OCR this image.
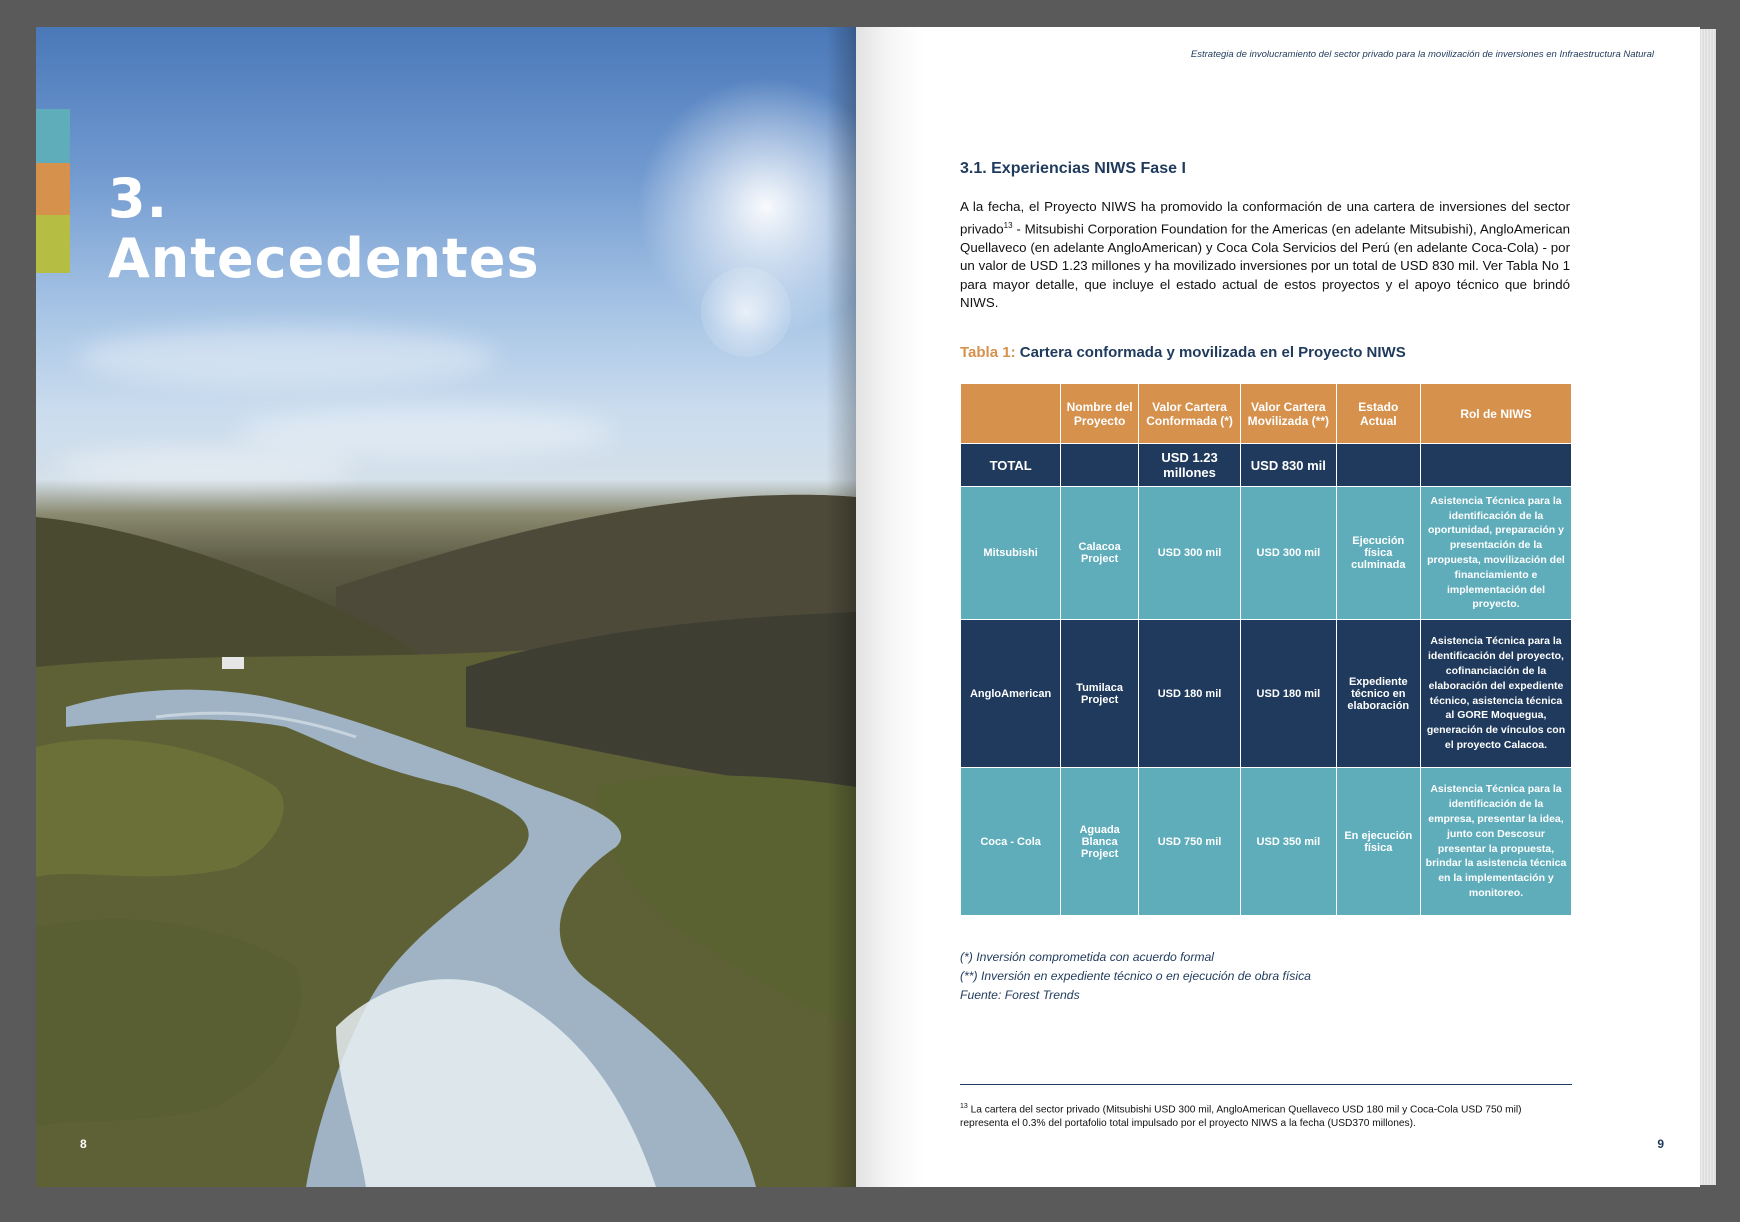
3.
Antecedentes
8
Estrategia de involucramiento del sector privado para la movilización de inversiones en Infraestructura Natural
3.1. Experiencias NIWS Fase I
A la fecha, el Proyecto NIWS ha promovido la conformación de una cartera de inversiones del sector privado$^{13}$ - Mitsubishi Corporation Foundation for the Americas (en adelante Mitsubishi), AngloAmerican Quellaveco (en adelante AngloAmerican) y Coca Cola Servicios del Perú (en adelante Coca-Cola) - por un valor de USD 1.23 millones y ha movilizado inversiones por un total de USD 830 mil. Ver Tabla No 1 para mayor detalle, que incluye el estado actual de estos proyectos y el apoyo técnico que brindó NIWS.
Tabla 1: Cartera conformada y movilizada en el Proyecto NIWS
	Nombre del Proyecto	Valor Cartera Conformada (*)	Valor Cartera Movilizada (**)	Estado Actual	Rol de NIWS
TOTAL		USD 1.23 millones	USD 830 mil		
Mitsubishi	Calacoa Project	USD 300 mil	USD 300 mil	Ejecución física culminada	Asistencia Técnica para la identificación de la oportunidad, preparación y presentación de la propuesta, movilización del financiamiento e implementación del proyecto.
AngloAmerican	Tumilaca Project	USD 180 mil	USD 180 mil	Expediente técnico en elaboración	Asistencia Técnica para la identificación del proyecto, cofinanciación de la elaboración del expediente técnico, asistencia técnica al GORE Moquegua, generación de vínculos con el proyecto Calacoa.
Coca - Cola	Aguada Blanca Project	USD 750 mil	USD 350 mil	En ejecución física	Asistencia Técnica para la identificación de la empresa, presentar la idea, junto con Descosur presentar la propuesta, brindar la asistencia técnica en la implementación y monitoreo.
(*) Inversión comprometida con acuerdo formal
(**) Inversión en expediente técnico o en ejecución de obra física
Fuente: Forest Trends
$^{13}$ La cartera del sector privado (Mitsubishi USD 300 mil, AngloAmerican Quellaveco USD 180 mil y Coca-Cola USD 750 mil) representa el 0.3% del portafolio total impulsado por el proyecto NIWS a la fecha (USD370 millones).
9
